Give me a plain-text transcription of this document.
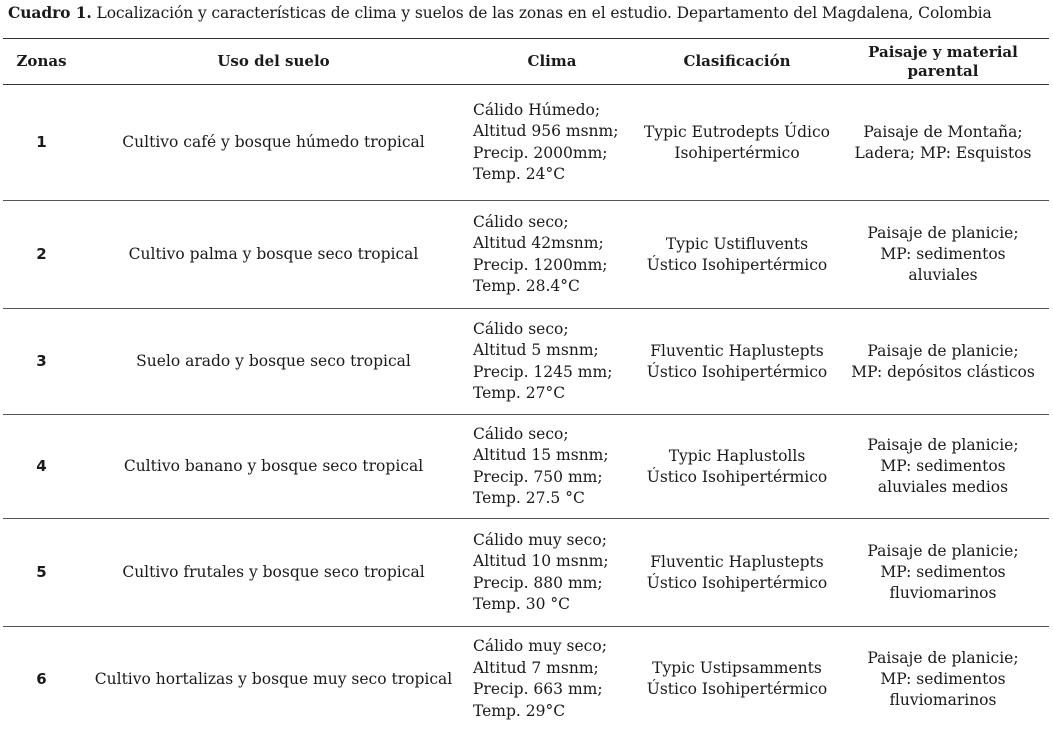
Cuadro 1. Localización y características de clima y suelos de las zonas en el estudio. Departamento del Magdalena, Colombia
Zonas	Uso del suelo	Clima	Clasificación	Paisaje y material
parental

1	Cultivo café y bosque húmedo tropical	Cálido Húmedo;
Altitud 956 msnm;
Precip. 2000mm;
Temp. 24°C	Typic Eutrodepts Údico
Isohipertérmico	Paisaje de Montaña;
Ladera; MP: Esquistos

2	Cultivo palma y bosque seco tropical	Cálido seco;
Altitud 42msnm;
Precip. 1200mm;
Temp. 28.4°C	Typic Ustifluvents
Ústico Isohipertérmico	Paisaje de planicie;
MP: sedimentos
aluviales

3	Suelo arado y bosque seco tropical	Cálido seco;
Altitud 5 msnm;
Precip. 1245 mm;
Temp. 27°C	Fluventic Haplustepts
Ústico Isohipertérmico	Paisaje de planicie;
MP: depósitos clásticos

4	Cultivo banano y bosque seco tropical	Cálido seco;
Altitud 15 msnm;
Precip. 750 mm;
Temp. 27.5 °C	Typic Haplustolls
Ústico Isohipertérmico	Paisaje de planicie;
MP: sedimentos
aluviales medios

5	Cultivo frutales y bosque seco tropical	Cálido muy seco;
Altitud 10 msnm;
Precip. 880 mm;
Temp. 30 °C	Fluventic Haplustepts
Ústico Isohipertérmico	Paisaje de planicie;
MP: sedimentos
fluviomarinos

6	Cultivo hortalizas y bosque muy seco tropical	Cálido muy seco;
Altitud 7 msnm;
Precip. 663 mm;
Temp. 29°C	Typic Ustipsamments
Ústico Isohipertérmico	Paisaje de planicie;
MP: sedimentos
fluviomarinos
